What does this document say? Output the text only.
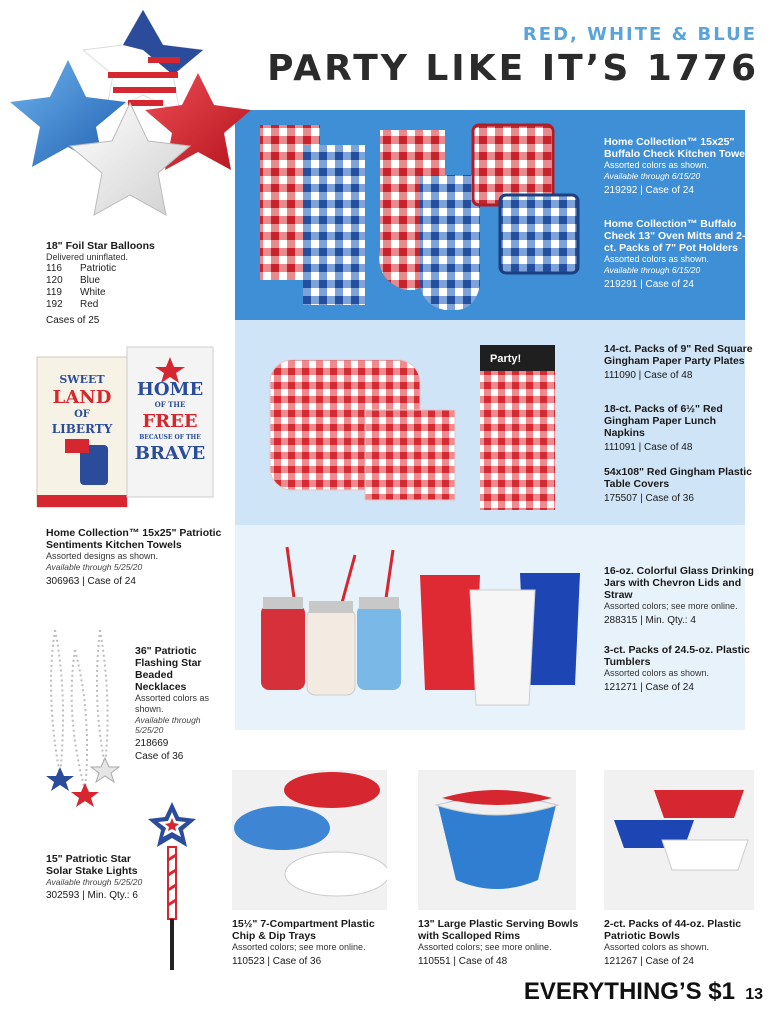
RED, WHITE & BLUE
PARTY LIKE IT’S 1776
18" Foil Star Balloons
Delivered uninflated.
116	Patriotic
120	Blue
119	White
192	Red
Cases of 25
Home Collection™ 15x25" Buffalo Check Kitchen Towels
Assorted colors as shown.
Available through 6/15/20
219292 | Case of 24
Home Collection™ Buffalo Check 13" Oven Mitts and 2-ct. Packs of 7" Pot Holders
Assorted colors as shown.
Available through 6/15/20
219291 | Case of 24
Party!
14-ct. Packs of 9" Red Square Gingham Paper Party Plates
111090 | Case of 48
18-ct. Packs of 6½" Red Gingham Paper Lunch Napkins
111091 | Case of 48
54x108" Red Gingham Plastic Table Covers
175507 | Case of 36
SWEET
LAND
OF
LIBERTY
HOME
OF THE
FREE
BECAUSE OF THE
BRAVE
Home Collection™ 15x25" Patriotic Sentiments Kitchen Towels
Assorted designs as shown.
Available through 5/25/20
306963 | Case of 24
16-oz. Colorful Glass Drinking Jars with Chevron Lids and Straw
Assorted colors; see more online.
288315 | Min. Qty.: 4
3-ct. Packs of 24.5-oz. Plastic Tumblers
Assorted colors as shown.
121271 | Case of 24
36" Patriotic Flashing Star Beaded Necklaces
Assorted colors as shown.
Available through 5/25/20
218669
Case of 36
15" Patriotic Star Solar Stake Lights
Available through 5/25/20
302593 | Min. Qty.: 6
15½" 7-Compartment Plastic Chip & Dip Trays
Assorted colors; see more online.
110523 | Case of 36
13" Large Plastic Serving Bowls with Scalloped Rims
Assorted colors; see more online.
110551 | Case of 48
2-ct. Packs of 44-oz. Plastic Patriotic Bowls
Assorted colors as shown.
121267 | Case of 24
EVERYTHING’S $1 13
